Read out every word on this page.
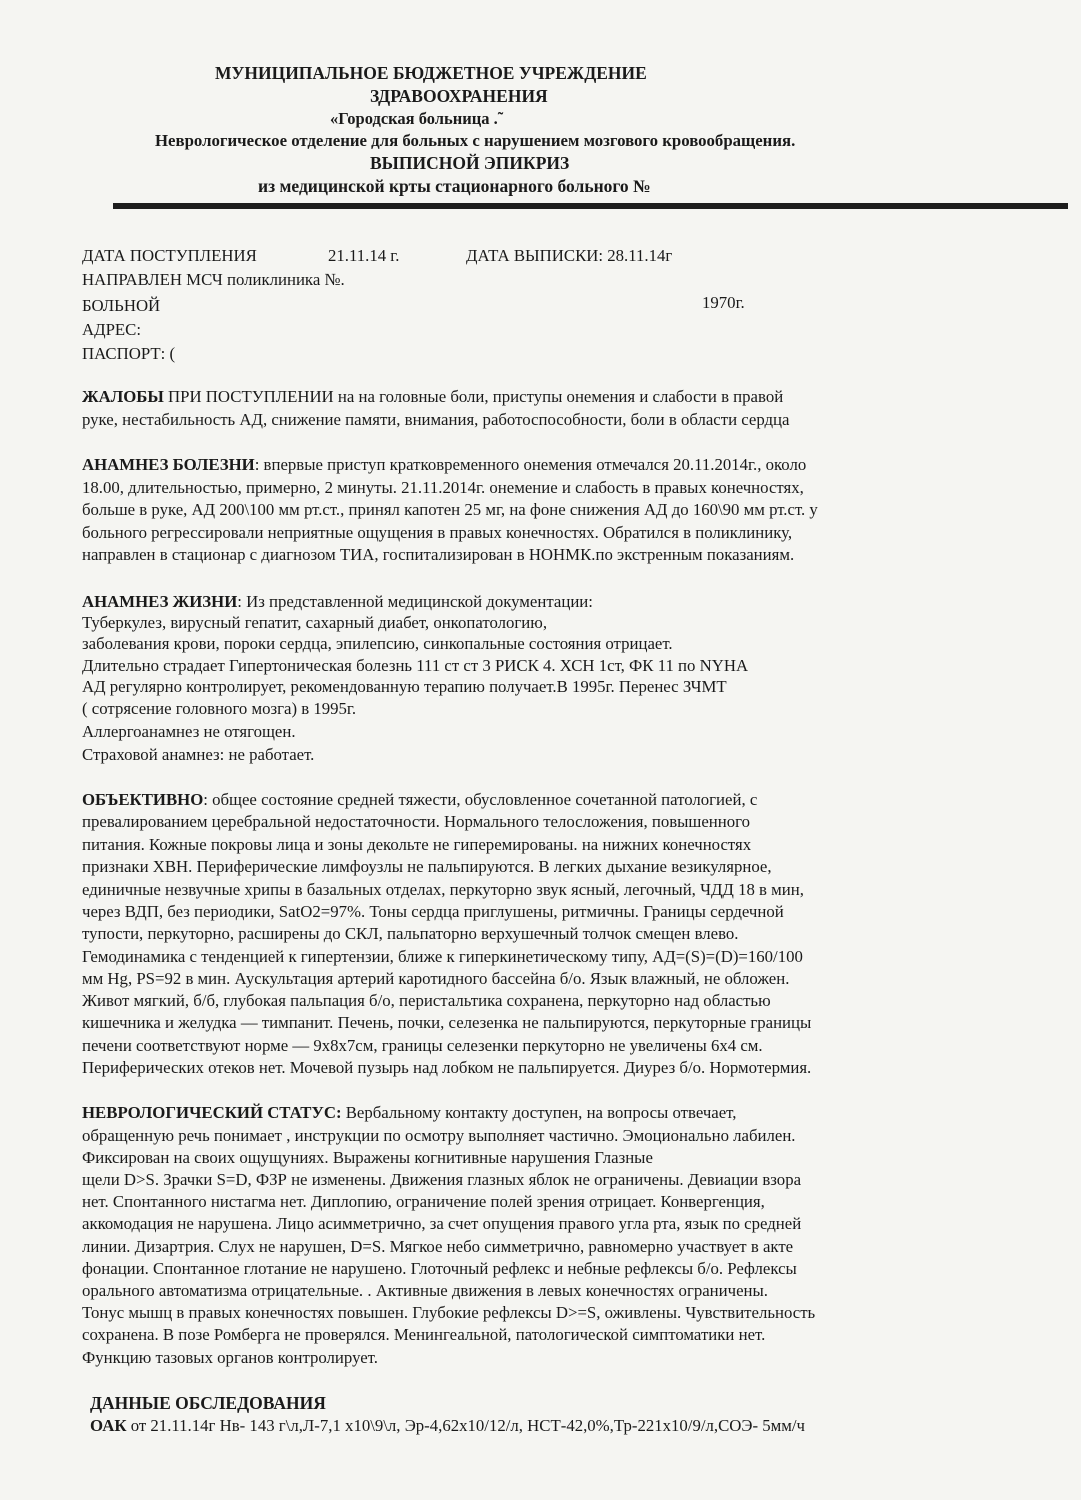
МУНИЦИПАЛЬНОЕ БЮДЖЕТНОЕ УЧРЕЖДЕНИЕ
ЗДРАВООХРАНЕНИЯ
«Городская больница .˜
Неврологическое отделение для больных с нарушением мозгового кровообращения.
ВЫПИСНОЙ ЭПИКРИЗ
из медицинской крты стационарного больного №
ДАТА ПОСТУПЛЕНИЯ	21.11.14 г.	ДАТА ВЫПИСКИ: 28.11.14г
НАПРАВЛЕН МСЧ поликлиника №.
БОЛЬНОЙ	1970г.
АДРЕС:
ПАСПОРТ: (
ЖАЛОБЫ ПРИ ПОСТУПЛЕНИИ на на головные боли, приступы онемения и слабости в правой
руке, нестабильность АД, снижение памяти, внимания, работоспособности, боли в области сердца
АНАМНЕЗ БОЛЕЗНИ: впервые приступ кратковременного онемения отмечался 20.11.2014г., около
18.00, длительностью, примерно, 2 минуты. 21.11.2014г. онемение и слабость в правых конечностях,
больше в руке, АД 200\100 мм рт.ст., принял капотен 25 мг, на фоне снижения АД до 160\90 мм рт.ст. у
больного регрессировали неприятные ощущения в правых конечностях. Обратился в поликлинику,
направлен в стационар с диагнозом ТИА, госпитализирован в НОНМК.по экстренным показаниям.
АНАМНЕЗ ЖИЗНИ: Из представленной медицинской документации:
Туберкулез, вирусный гепатит, сахарный диабет, онкопатологию,
заболевания крови, пороки сердца, эпилепсию, синкопальные состояния отрицает.
Длительно страдает Гипертоническая болезнь 111 ст ст 3 РИСК 4. ХСН 1ст, ФК 11 по NYHA
АД регулярно контролирует, рекомендованную терапию получает.В 1995г. Перенес ЗЧМТ
( сотрясение головного мозга) в 1995г.
Аллергоанамнез не отягощен.
Страховой анамнез: не работает.
ОБЪЕКТИВНО: общее состояние средней тяжести, обусловленное сочетанной патологией, с
превалированием церебральной недостаточности. Нормального телосложения, повышенного
питания. Кожные покровы лица и зоны декольте не гиперемированы. на нижних конечностях
признаки ХВН. Периферические лимфоузлы не пальпируются. В легких дыхание везикулярное,
единичные незвучные хрипы в базальных отделах, перкуторно звук ясный, легочный, ЧДД 18 в мин,
через ВДП, без периодики, SatO2=97%. Тоны сердца приглушены, ритмичны. Границы сердечной
тупости, перкуторно, расширены до СКЛ, пальпаторно верхушечный толчок смещен влево.
Гемодинамика с тенденцией к гипертензии, ближе к гиперкинетическому типу, АД=(S)=(D)=160/100
мм Hg, PS=92 в мин. Аускультация артерий каротидного бассейна б/о. Язык влажный, не обложен.
Живот мягкий, б/б, глубокая пальпация б/о, перистальтика сохранена, перкуторно над областью
кишечника и желудка — тимпанит. Печень, почки, селезенка не пальпируются, перкуторные границы
печени соответствуют норме — 9х8х7см, границы селезенки перкуторно не увеличены 6х4 см.
Периферических отеков нет. Мочевой пузырь над лобком не пальпируется. Диурез б/о. Нормотермия.
НЕВРОЛОГИЧЕСКИЙ СТАТУС: Вербальному контакту доступен, на вопросы отвечает,
обращенную речь понимает , инструкции по осмотру выполняет частично. Эмоционально лабилен.
Фиксирован на своих ощущуниях. Выражены когнитивные нарушения Глазные
щели D>S. Зрачки S=D, ФЗР не изменены. Движения глазных яблок не ограничены. Девиации взора
нет. Спонтанного нистагма нет. Диплопию, ограничение полей зрения отрицает. Конвергенция,
аккомодация не нарушена. Лицо асимметрично, за счет опущения правого угла рта, язык по средней
линии. Дизартрия. Слух не нарушен, D=S. Мягкое небо симметрично, равномерно участвует в акте
фонации. Спонтанное глотание не нарушено. Глоточный рефлекс и небные рефлексы б/о. Рефлексы
орального автоматизма отрицательные. . Активные движения в левых конечностях ограничены.
Тонус мышц в правых конечностях повышен. Глубокие рефлексы D>=S, оживлены. Чувствительность
сохранена. В позе Ромберга не проверялся. Менингеальной, патологической симптоматики нет.
Функцию тазовых органов контролирует.
ДАННЫЕ ОБСЛЕДОВАНИЯ
ОАК от 21.11.14г Нв- 143 г\л,Л-7,1 х10\9\л, Эр-4,62х10/12/л, НСТ-42,0%,Тр-221х10/9/л,СОЭ- 5мм/ч
